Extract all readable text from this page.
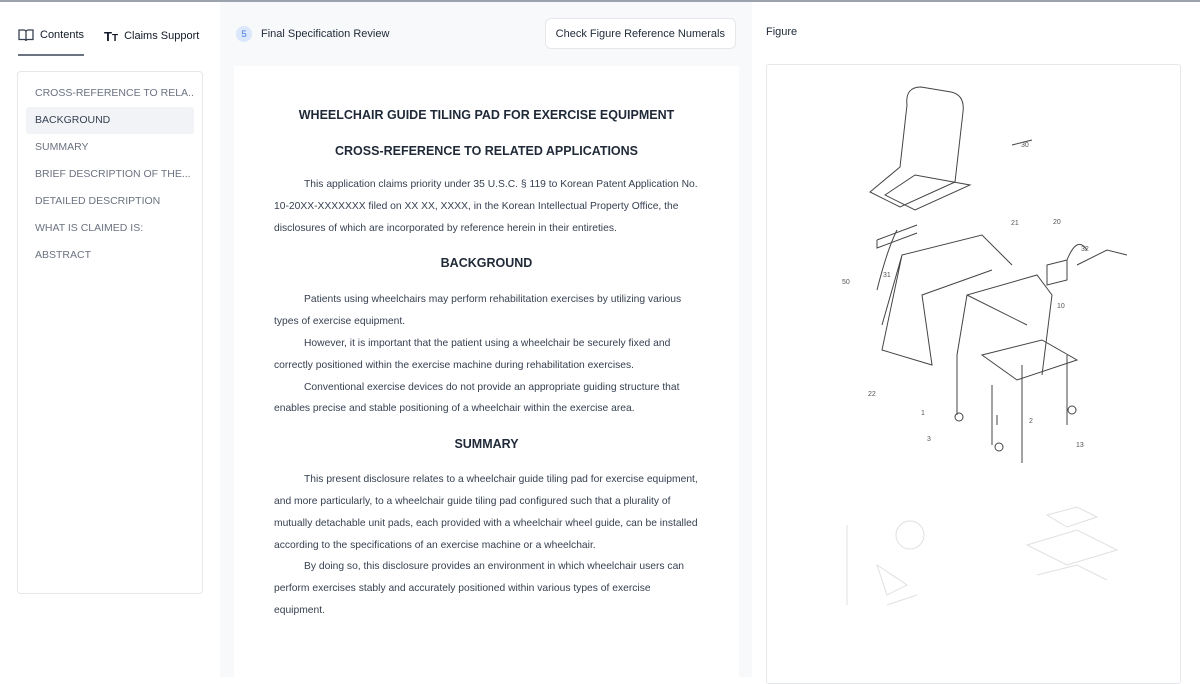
Contents TT Claims Support
CROSS-REFERENCE TO RELA...
BACKGROUND
SUMMARY
BRIEF DESCRIPTION OF THE...
DETAILED DESCRIPTION
WHAT IS CLAIMED IS:
ABSTRACT
5	Final Specification Review	Check Figure Reference Numerals
WHEELCHAIR GUIDE TILING PAD FOR EXERCISE EQUIPMENT
CROSS-REFERENCE TO RELATED APPLICATIONS

This application claims priority under 35 U.S.C. § 119 to Korean Patent Application No. 10-20XX-XXXXXXX filed on XX XX, XXXX, in the Korean Intellectual Property Office, the disclosures of which are incorporated by reference herein in their entireties.

BACKGROUND

Patients using wheelchairs may perform rehabilitation exercises by utilizing various types of exercise equipment.

However, it is important that the patient using a wheelchair be securely fixed and correctly positioned within the exercise machine during rehabilitation exercises.

Conventional exercise devices do not provide an appropriate guiding structure that enables precise and stable positioning of a wheelchair within the exercise area.

SUMMARY

This present disclosure relates to a wheelchair guide tiling pad for exercise equipment, and more particularly, to a wheelchair guide tiling pad configured such that a plurality of mutually detachable unit pads, each provided with a wheelchair wheel guide, can be installed according to the specifications of an exercise machine or a wheelchair.

By doing so, this disclosure provides an environment in which wheelchair users can perform exercises stably and accurately positioned within various types of exercise equipment.

Figure
30
21	20
32
50
31
10
22
1
3
2
13
